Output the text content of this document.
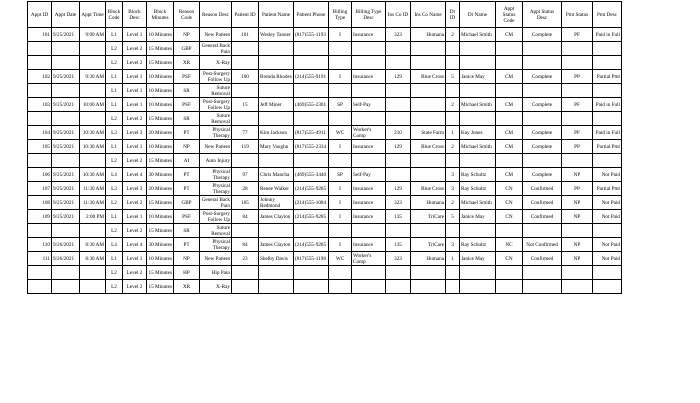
Appt ID	Appt Date	Appt Time	Block Code	Block Desc	Block Minutes	Reason Code	Reason Desc	Patient ID	Patient Name	Patient Phone	Billing Type	Billing Type Desc	Ins Co ID	Ins Co Name	Dr ID	Dr Name	Appt Status Code	Appt Status Desc	Pmt Status	Pmt Desc
101	9/25/2021	9:00 AM	L1	Level 1	10 Minutes	NP	New Patient	101	Wesley Tanner	(817)555-1193	I	Insurance	323	Humana	2	Michael Smith	CM	Complete	PF	Paid in Full
			L2	Level 2	15 Minutes	GBP	General Back Pain													
			L2	Level 2	15 Minutes	XR	X-Ray													
102	9/25/2021	9:30 AM	L1	Level 1	10 Minutes	PSF	Post-Surgery Follow Up	100	Brenda Rhodes	(214)555-9191	I	Insurance	129	Blue Cross	5	Janice May	CM	Complete	PP	Partial Pmt
			L1	Level 1	10 Minutes	SR	Suture Removal													
103	9/25/2021	10:00 AM	L1	Level 1	10 Minutes	PSF	Post-Surgery Follow Up	15	Jeff Miner	(469)555-2301	SP	Self-Pay			2	Michael Smith	CM	Complete	PF	Paid in Full
			L2	Level 2	15 Minutes	SR	Suture Removal													
104	9/25/2021	10:30 AM	L3	Level 3	20 Minutes	PT	Physical Therapy	77	Kim Jackson	(817)555-4911	WC	Worker's Comp	210	State Farm	1	Kay Jones	CM	Complete	PF	Paid in Full
105	9/25/2021	10:30 AM	L1	Level 1	10 Minutes	NP	New Patient	119	Mary Vaughn	(817)555-2334	I	Insurance	129	Blue Cross	2	Michael Smith	CM	Complete	PP	Partial Pmt
			L2	Level 2	15 Minutes	AI	Auto Injury													
106	9/25/2021	10:30 AM	L4	Level 4	30 Minutes	PT	Physical Therapy	97	Chris Mancha	(469)555-3440	SP	Self-Pay			3	Ray Schultz	CM	Complete	NP	Not Paid
107	9/25/2021	11:30 AM	L3	Level 3	20 Minutes	PT	Physical Therapy	28	Renee Walker	(214)555-9285	I	Insurance	129	Blue Cross	3	Ray Schultz	CN	Confirmed	PP	Partial Pmt
108	9/25/2021	11:30 AM	L2	Level 2	15 Minutes	GBP	General Back Pain	105	Johnny Redmond	(214)555-1084	I	Insurance	323	Humana	2	Michael Smith	CN	Confirmed	NP	Not Paid
109	9/25/2021	2:00 PM	L1	Level 1	10 Minutes	PSF	Post-Surgery Follow Up	84	James Clayton	(214)555-9285	I	Insurance	135	TriCare	5	Janice May	CN	Confirmed	NP	Not Paid
			L2	Level 2	15 Minutes	SR	Suture Removal													
110	9/26/2021	8:30 AM	L4	Level 4	30 Minutes	PT	Physical Therapy	84	James Clayton	(214)555-9285	I	Insurance	135	TriCare	3	Ray Schultz	NC	Not Confirmed	NP	Not Paid
111	9/26/2021	8:30 AM	L1	Level 1	10 Minutes	NP	New Patient	23	Shelby Davis	(817)555-1198	WC	Worker's Comp	323	Humana	1	Janice May	CN	Confirmed	NP	Not Paid
			L2	Level 2	15 Minutes	HP	Hip Pain													
			L2	Level 2	15 Minutes	XR	X-Ray													
